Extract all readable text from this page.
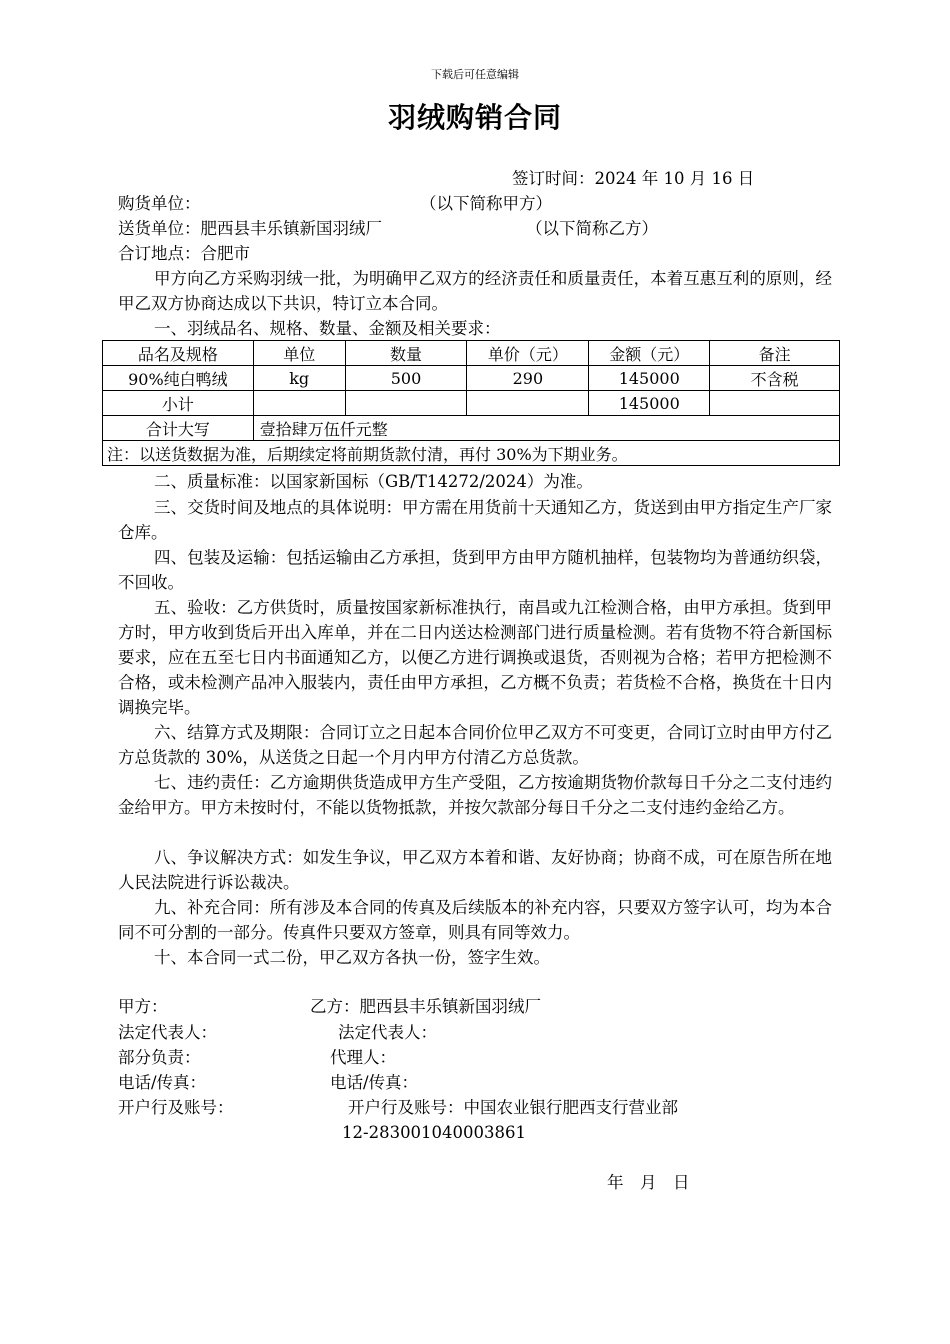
下载后可任意编辑
羽绒购销合同
签订时间：2024 年 10 月 16 日
购货单位：	（以下简称甲方）
送货单位：肥西县丰乐镇新国羽绒厂	（以下简称乙方）
合订地点：合肥市
甲方向乙方采购羽绒一批，为明确甲乙双方的经济责任和质量责任，本着互惠互利的原则，经甲乙双方协商达成以下共识，特订立本合同。
一、羽绒品名、规格、数量、金额及相关要求：
品名及规格	单位	数量	单价（元）	金额（元）	备注
90%纯白鸭绒	kg	500	290	145000	不含税
小计				145000	
合计大写	壹拾肆万伍仟元整				
注：以送货数据为准，后期续定将前期货款付清，再付 30%为下期业务。					
二、质量标准：以国家新国标（GB/T14272/2024）为准。
三、交货时间及地点的具体说明：甲方需在用货前十天通知乙方，货送到由甲方指定生产厂家仓库。
四、包装及运输：包括运输由乙方承担，货到甲方由甲方随机抽样，包装物均为普通纺织袋，不回收。
五、验收：乙方供货时，质量按国家新标准执行，南昌或九江检测合格，由甲方承担。货到甲方时，甲方收到货后开出入库单，并在二日内送达检测部门进行质量检测。若有货物不符合新国标要求，应在五至七日内书面通知乙方，以便乙方进行调换或退货，否则视为合格；若甲方把检测不合格，或未检测产品冲入服装内，责任由甲方承担，乙方概不负责；若货检不合格，换货在十日内调换完毕。
六、结算方式及期限：合同订立之日起本合同价位甲乙双方不可变更，合同订立时由甲方付乙方总货款的 30%，从送货之日起一个月内甲方付清乙方总货款。
七、违约责任：乙方逾期供货造成甲方生产受阻，乙方按逾期货物价款每日千分之二支付违约金给甲方。甲方未按时付，不能以货物抵款，并按欠款部分每日千分之二支付违约金给乙方。
八、争议解决方式：如发生争议，甲乙双方本着和谐、友好协商；协商不成，可在原告所在地人民法院进行诉讼裁决。
九、补充合同：所有涉及本合同的传真及后续版本的补充内容，只要双方签字认可，均为本合同不可分割的一部分。传真件只要双方签章，则具有同等效力。
十、本合同一式二份，甲乙双方各执一份，签字生效。
甲方：	乙方：肥西县丰乐镇新国羽绒厂
法定代表人：	法定代表人：
部分负责：	代理人：
电话/传真：	电话/传真：
开户行及账号：	开户行及账号：中国农业银行肥西支行营业部
12-283001040003861
年　月　日
